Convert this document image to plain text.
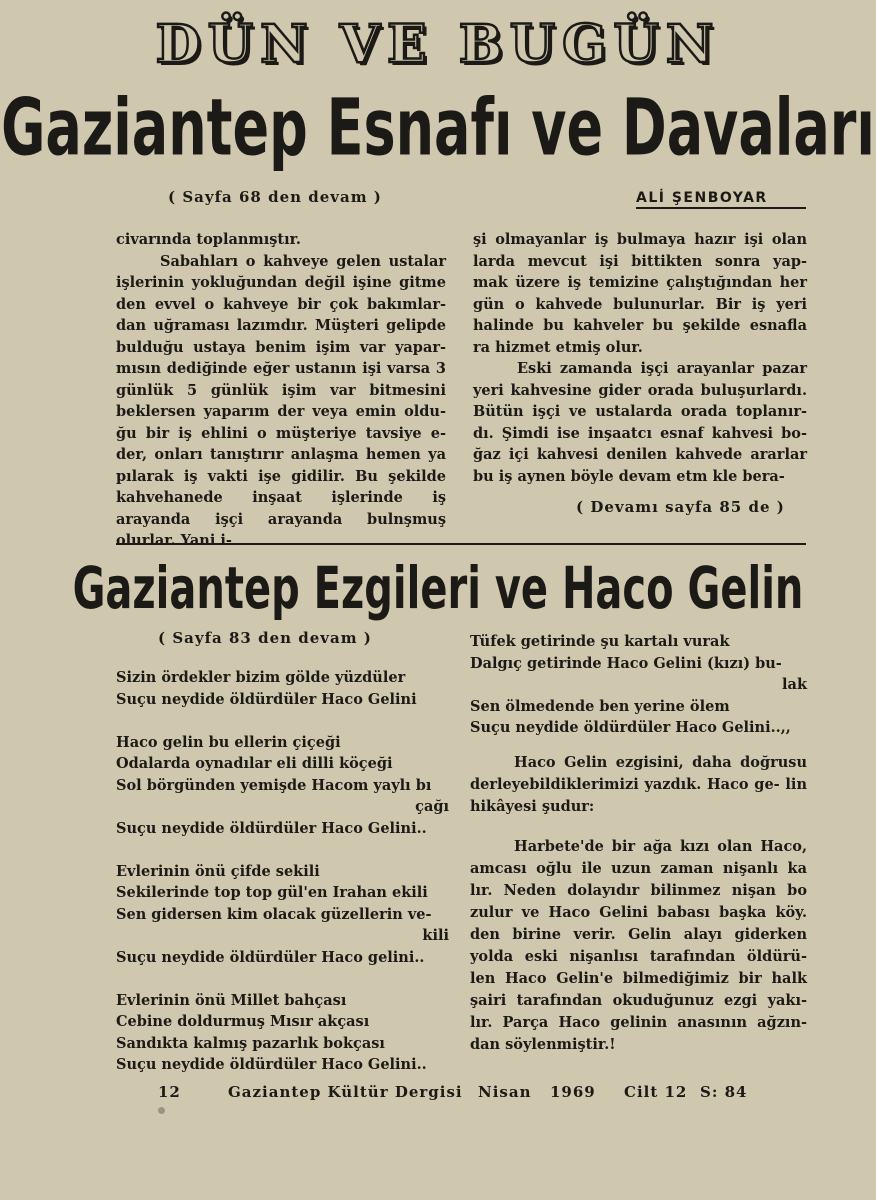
DÜN VE BUGÜN
Gaziantep Esnafı ve Davaları
( Sayfa 68 den devam )	ALİ ŞENBOYAR

civarında toplanmıştır.

Sabahları o kahveye gelen ustalar işlerinin yokluğundan değil işine gitme den evvel o kahveye bir çok bakımlar- dan uğraması lazımdır. Müşteri gelipde bulduğu ustaya benim işim var yapar- mısın dediğinde eğer ustanın işi varsa 3 günlük 5 günlük işim var bitmesini beklersen yaparım der veya emin oldu- ğu bir iş ehlini o müşteriye tavsiye e- der, onları tanıştırır anlaşma hemen ya pılarak iş vakti işe gidilir. Bu şekilde kahvehanede inşaat işlerinde iş arayanda işçi arayanda bulnşmuş olurlar. Yani i-

şi olmayanlar iş bulmaya hazır işi olan larda mevcut işi bittikten sonra yap- mak üzere iş temizine çalıştığından her gün o kahvede bulunurlar. Bir iş yeri halinde bu kahveler bu şekilde esnafla ra hizmet etmiş olur.

Eski zamanda işçi arayanlar pazar yeri kahvesine gider orada buluşurlardı. Bütün işçi ve ustalarda orada toplanır- dı. Şimdi ise inşaatcı esnaf kahvesi bo- ğaz içi kahvesi denilen kahvede ararlar bu iş aynen böyle devam etm kle bera-

( Devamı sayfa 85 de )
Gaziantep Ezgileri ve Haco Gelin
( Sayfa 83 den devam )
Sizin ördekler bizim gölde yüzdüler
Suçu neydide öldürdüler Haco Gelini
Haco gelin bu ellerin çiçeği
Odalarda oynadılar eli dilli köçeği
Sol börgünden yemişde Hacom yaylı bı
çağı
Suçu neydide öldürdüler Haco Gelini..
Evlerinin önü çifde sekili
Sekilerinde top top gül'en Irahan ekili
Sen gidersen kim olacak güzellerin ve-
kili
Suçu neydide öldürdüler Haco gelini..
Evlerinin önü Millet bahçası
Cebine doldurmuş Mısır akçası
Sandıkta kalmış pazarlık bokçası
Suçu neydide öldürdüler Haco Gelini..
Tüfek getirinde şu kartalı vurak
Dalgıç getirinde Haco Gelini (kızı) bu-
lak
Sen ölmedende ben yerine ölem
Suçu neydide öldürdüler Haco Gelini..,,

Haco Gelin ezgisini, daha doğrusu derleyebildiklerimizi yazdık. Haco ge- lin hikâyesi şudur:

Harbete'de bir ağa kızı olan Haco, amcası oğlu ile uzun zaman nişanlı ka lır. Neden dolayıdır bilinmez nişan bo zulur ve Haco Gelini babası başka köy. den birine verir. Gelin alayı giderken yolda eski nişanlısı tarafından öldürü- len Haco Gelin'e bilmediğimiz bir halk şairi tarafından okuduğunuz ezgi yakı- lır. Parça Haco gelinin anasının ağzın- dan söylenmiştir.!

12	Gaziantep Kültür Dergisi Nisan 1969 Cilt 12 S: 84
